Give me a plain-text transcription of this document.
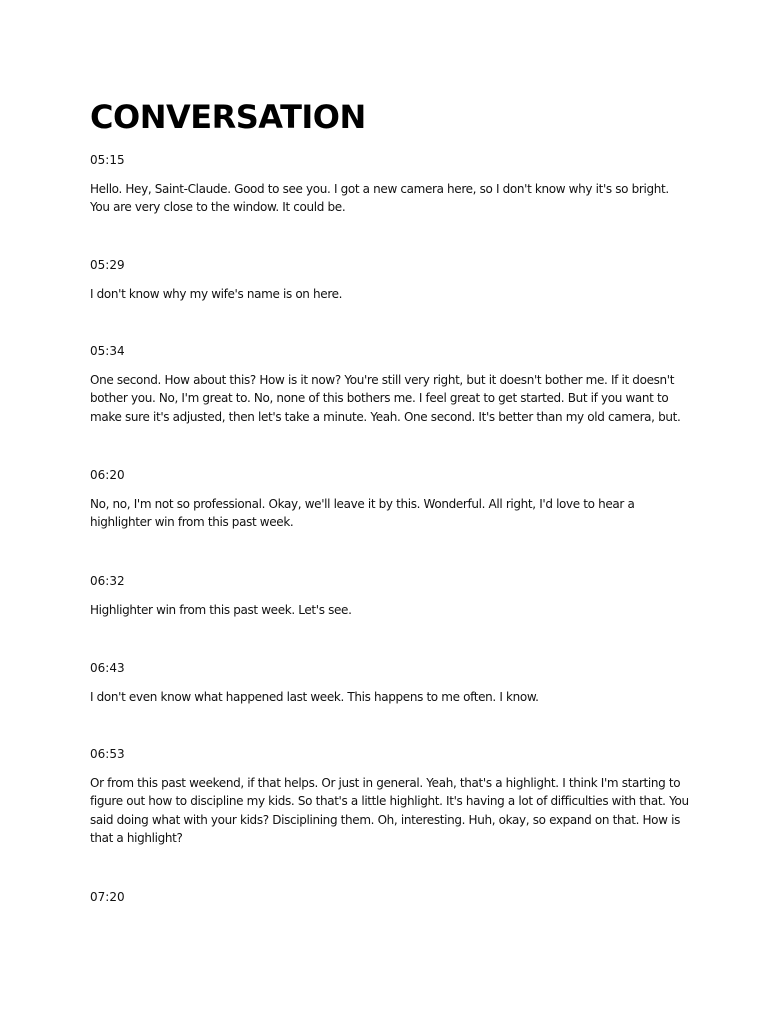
CONVERSATION
05:15
Hello. Hey, Saint-Claude. Good to see you. I got a new camera here, so I don't know why it's so bright. You are very close to the window. It could be.
05:29
I don't know why my wife's name is on here.
05:34
One second. How about this? How is it now? You're still very right, but it doesn't bother me. If it doesn't bother you. No, I'm great to. No, none of this bothers me. I feel great to get started. But if you want to make sure it's adjusted, then let's take a minute. Yeah. One second. It's better than my old camera, but.
06:20
No, no, I'm not so professional. Okay, we'll leave it by this. Wonderful. All right, I'd love to hear a highlighter win from this past week.
06:32
Highlighter win from this past week. Let's see.
06:43
I don't even know what happened last week. This happens to me often. I know.
06:53
Or from this past weekend, if that helps. Or just in general. Yeah, that's a highlight. I think I'm starting to figure out how to discipline my kids. So that's a little highlight. It's having a lot of difficulties with that. You said doing what with your kids? Disciplining them. Oh, interesting. Huh, okay, so expand on that. How is that a highlight?
07:20
